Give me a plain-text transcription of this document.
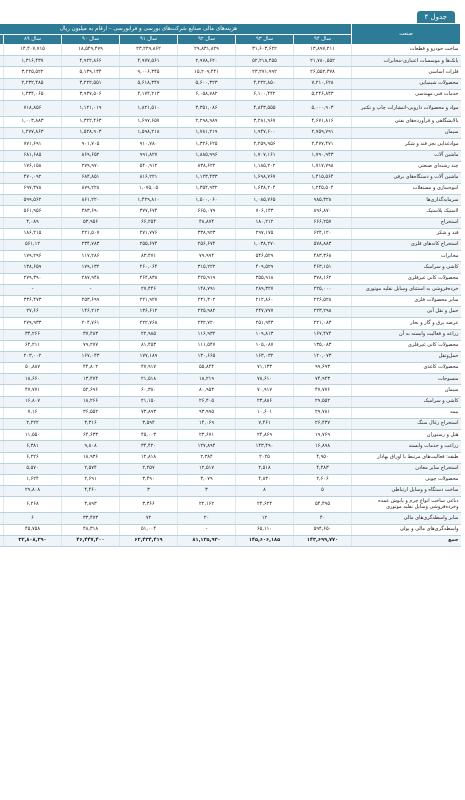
جدول ۴
صنعت	هزینه‌های مالی صنایع شرکت‌های بورسی و فرابورسی – ارقام به میلیون ریال						
	سال ۹۴	سال ۹۳	سال ۹۲	سال ۹۱	سال ۹۰	سال ۸۹	
ساخت خودرو و قطعات	۱۳,۸۹۷,۲۱۱	۳۱,۶۰۳,۶۲۲	۲۹,۸۳۱,۸۲۹	۲۳,۲۲۹,۸۶۲	۱۸,۵۴۹,۴۷۹	۱۴,۴۰۷,۷۱۵	
بانک‌ها و موسسات اعتباری-مخابرات	۲۱,۷۸۰,۵۵۲	۵۲,۲۱۸,۴۵۵	۲,۹۷۸,۶۲۰	۴,۹۷۷,۵۶۱	۴,۹۲۲,۸۶۶	۱,۳۱۶,۴۳۷	
فلزات اساسی	۲۶,۵۵۲,۳۷۸	۲۳,۲۷۱,۹۹۲	۱۵,۲۰۹,۴۴۱	۹,۰۰۶,۳۴۵	۵,۱۳۹,۱۳۴	۳,۲۲۵,۵۲۲	
محصولات شیمیایی	۷,۲۱۰,۶۲۸	۴,۲۲۲,۸۵۰	۵,۶۰۰,۳۲۳	۵,۶۱۸,۳۴۷	۳,۲۲۲,۵۵۱	۲,۲۳۲,۴۸۵	
خدمات فنی مهندسی	۵,۲۴۶,۸۴۳	۶,۱۰۰,۴۴۲	۶,۰۵۸,۷۸۲	۴,۱۷۴,۲۱۳	۳,۹۳۷,۵۰۶	۱,۳۳۴,۰۶۵	
مواد و محصولات دارویی-انتشارات چاپ و تکثیر	۵,۰۰۰,۹۰۳	۴,۸۴۳,۵۵۵	۳,۳۵۱,۰۸۶	۱,۸۲۱,۵۱۰	۱,۱۲۱,۰۱۹	۷۱۸,۸۵۶	
پالایشگاهی و فرآورده‌های نفتی	۴,۶۷۱,۸۱۶	۳,۲۸۱,۹۶۷	۲,۲۹۸,۹۸۹	۱,۶۹۷,۶۵۷	۱,۳۲۲,۴۶۳	۱,۰۰۳,۸۸۳	
سیمان	۲,۷۵۹,۷۹۱	۱,۹۴۷,۶۰۰	۱,۷۸۱,۲۱۹	۱,۵۹۸,۲۱۸	۱,۵۲۸,۹۰۳	۱,۲۷۷,۸۶۳	
موادغذایی بجز قند و شکر	۲,۴۷۷,۴۷۱	۲,۲۵۹,۹۵۶	۱,۳۲۶,۶۲۵	۹۱۰,۷۸۰	۹۰۱,۷۰۵	۷۷۱,۶۹۱	
ماشین آلات	۱,۷۹۰,۹۴۳	۱,۷۰۷,۱۶۱	۱,۸۸۵,۹۹۶	۹۹۱,۸۲۷	۸۶۹,۶۵۲	۶۸۱,۶۸۵	
چند رشته‌ای صنعتی	۱,۷۱۷,۷۹۸	۱,۱۸۵,۲۰۲	۸۳۸,۶۲۲	۵۴۰,۹۱۲	۲۷۹,۹۷۰	۱۷۶,۱۵۸	
ماشین آلات و دستگاه‌های برقی	۱,۴۱۵,۵۶۴	۱,۶۹۸,۷۶۷	۱,۱۲۳,۴۳۳	۸۱۶,۲۲۱	۶۸۴,۸۵۱	۴۷۰,۰۹۲	
انبوه‌سازی و مستغلات	۱,۲۴۵,۵۰۴	۱,۶۳۸,۲۰۴	۱,۳۵۴,۹۳۲	۱,۰۷۵,۰۵	۸۷۹,۲۲۸	۶۹۷,۳۷۸	
سرمایه‌گذاری‌ها	۹۸۵,۳۲۸	۱,۰۸۵,۷۶۵	۱,۵۰۰,۰۶۰	۱,۴۲۹,۸۱۰	۸۶۱,۲۲۰	۵۹۹,۵۶۲	
لاستیک پلاستیک	۸۹۶,۸۷۰	۷۰۶,۱۴۳	۶۶۵,۰۷۹	۳۷۷,۶۷۴	۳۸۳,۶۹۰	۵۶۱,۹۵۶	
استخراج	۶۶۶,۲۵۷	۱۸۰,۲۱۲	۴۸,۸۷۴	۶۶,۲۵۴	۵۳,۹۵۶	۴,۰۸۹	
قند و شکر	۶۲۴,۱۲۰	۲۹۷,۱۷۵	۳۳۸,۹۲۳	۲۷۱,۷۷۶	۲۲۱,۵۰۷	۱۸۶,۲۱۵	
استخراج کانه‌های فلزی	۵۷۸,۸۸۳	۱,۰۳۸,۲۷۰	۲۵۶,۶۷۴	۲۵۵,۶۷۴	۲۳۴,۷۸۳	۵۶۱,۱۲	
مخابرات	۴۸۳,۳۶۸	۵۴۶,۵۲۹	۷۹,۹۹۴	۸۳,۴۷۱	۱۱۷,۲۸۶	۱۷۹,۲۹۶	
کاشی و سرامیک	۴۶۳,۱۵۱	۴۰۹,۵۲۹	۳۱۵,۲۲۲	۲۶۰,۰۶۴	۱۷۹,۱۳۲	۱۳۸,۶۵۹	
محصولات کانی غیرفلزی	۳۷۸,۱۶۲	۳۵۵,۹۱۸	۴۲۵,۹۱۹	۴۶۴,۸۳۸	۲۸۷,۹۴۸	۲۷۹,۳۹۰	
خرده‌فروشی به استثنای وسایل نقلیه موتوری	۲۲۵,۰۰۰	۲۸۹,۳۲۷	۱۴۸,۷۹۱	۲۷,۴۴۶	-	-	
سایر محصولات فلزی	۲۲۶,۵۲۸	۲۱۲,۸۶۰	۲۳۱,۳۰۲	۲۲۱,۹۲۷	۲۵۳,۶۹۹	۳۳۶,۴۷۳	
حمل و نقل آبی	۲۲۳,۲۹۸	۲۴۷,۷۷۷	۲۲۵,۹۸۲	۱۳۶,۶۱۲	۱۴۶,۲۱۲	۲۷,۶۶	
عرضه برق و گاز و بخار	۲۲۱,۰۸۳	۲۵۱,۹۴۳	۲۳۲,۷۲۰	۲۲۲,۷۶۸	۲۰۴,۷۶۱	۲۷۹,۹۳۳	
زراعه و فعالیت وابسته به آن	۱۶۷,۴۷۴	۱۰۹,۸۱۳	۱۱۶,۹۳۲	۲۲,۹۸۵	۳۷,۴۸۳	۳۴,۲۶۶	
محصولات کانی غیرفلزی	۱۳۵,۰۸۳	۱۰۵,۰۸۷	۱۱۱,۵۴۷	۸۱,۴۵۳	۷۹,۲۷۷	۶۴,۲۱۱	
حمل‌ونقل	۱۲۰,۰۷۳	۱۶۳,۰۳۲	۱۳۰,۶۶۵	۱۷۷,۱۸۹	۱۶۷,۰۴۳	۲۰۳,۰۰۲	
محصولات کاغذی	۹۹,۶۹۳	۷۱,۱۳۳	۵۵,۸۴۴	۴۷,۹۱۷	۴۴,۸۰۲	۵۰,۸۸۷	
منسوجات	۷۴,۹۲۳	۷۸,۶۱۰	۱۸,۲۱۹	۲۱,۵۱۸	۱۳,۴۷۴	۱۸,۶۶۰	
سیمان	۴۷,۷۷۶	۷۰,۹۱۷	۸۰,۹۵۳	۶۰,۳۸۰	۵۲,۶۹۶	۴۷,۷۷۱	
کاشی و سرامیک	۲۹,۵۵۲	۲۳,۸۸۶	۲۶,۴۰۵	۲۱,۱۵۰	۱۸,۲۶۶	۱۶,۸۰۷	
بیمه	۲۹,۷۸۱	۱۰,۶۰۱	۹۳,۹۹۵	۷۳,۸۹۳	۳۶,۵۵۲	۷,۱۶	
استخراج زغال سنگ	۲۶,۴۳۷	۷,۴۶۱	۱۴,۰۶۹	۳,۵۹۴	۳,۳۱۶	۲,۲۲۲	
هتل و رستوران	۱۹,۷۶۹	۲۴,۸۶۹	۲۳,۶۷۱	۴۵,۰۰۳	۶۴,۶۳۳	۱۱,۵۵۰	
زراعت و خدمات وابسته	۱۶,۸۹۸	۱۴۳,۴۹۰	۱۲۷,۸۹۴	۳۴,۴۲۰	۹,۸۰۸	۶,۳۸۱	
طبقه: فعالیت‌های مرتبط با اوراق بهادار	۴,۹۵۰	۲۰۲۵	۲,۳۸۴	۱۲,۸۱۸	۱۸,۹۳۶	۶,۲۲۶	
استخراج سایر معادن	۴,۴۸۳	۲,۵۱۸	۱۲,۵۱۷	۲,۲۵۷	۲,۵۷۴	۵,۵۷۰	
محصولات چوبی	۲,۶۰۶	۴,۸۳۰	۳,۰۷۹	۳,۴۹۰	۲,۶۹۱	۱,۶۲۴	
ساخت دستگاه و وسایل ارتباطی	۵	۸	۳	۳	۴,۴۶۰	۲۹,۸۰۸	
دباغی ساخت انواع چرم و پاپوش عمده وخرده‌فروشی وسایل نقلیه موتوری	۵۴,۴۹۵	۲۴,۶۲۴	۲۲,۱۶۲	۳,۳۶۶	۳,۸۹۳	۶,۲۶۸	
سایر واسطه‌گری‌های مالی	۴۰	۱۲	۲۰	۷۲	۳۳,۴۷۳	۶	
واسطه‌گری‌های مالی و پولی	۵۹۴,۶۵۰	۶۵,۱۱۰	-	۵۱,۰۰۴	۴۸,۳۱۸	۴۵,۷۵۸	
جمع	۱۴۳,۶۹۹,۷۷۰	۱۴۵,۶۰۶,۱۸۵	۸۱,۱۳۵,۹۳۰	۶۲,۴۳۴,۴۱۹	۴۶,۴۴۷,۴۰۰	۳۲,۸۰۸,۲۹۰	
